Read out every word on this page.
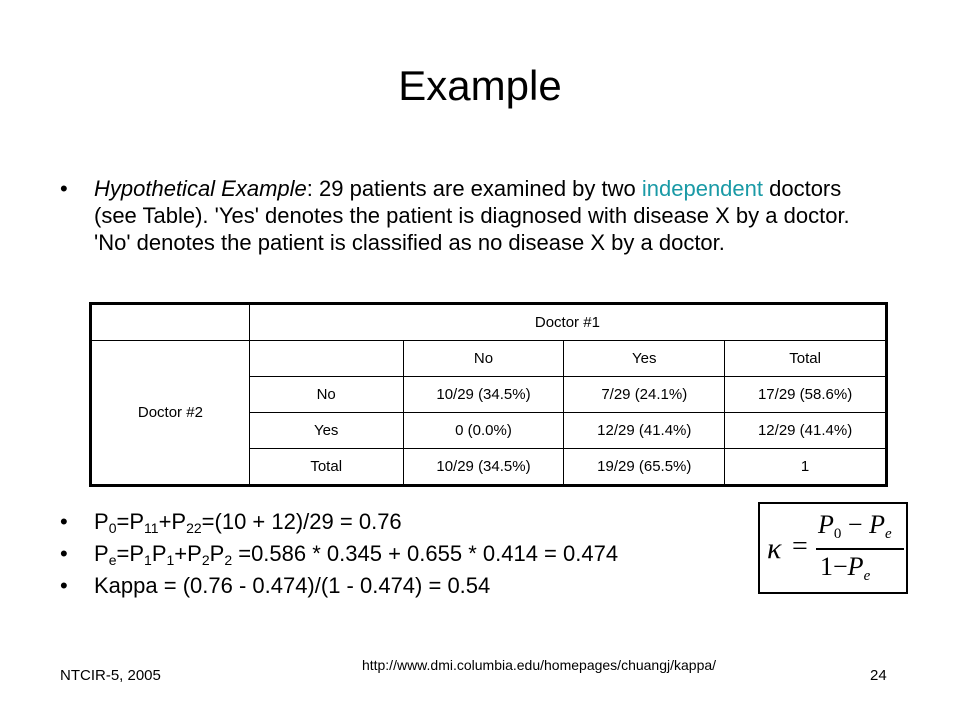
Example
• Hypothetical Example: 29 patients are examined by two independent doctors (see Table). 'Yes' denotes the patient is diagnosed with disease X by a doctor. 'No' denotes the patient is classified as no disease X by a doctor.
	Doctor #1			
Doctor #2		No	Yes	Total
	No	10/29 (34.5%)	7/29 (24.1%)	17/29 (58.6%)
	Yes	0 (0.0%)	12/29 (41.4%)	12/29 (41.4%)
	Total	10/29 (34.5%)	19/29 (65.5%)	1
• $P_0=P_{11}+P_{22}=(10 + 12)/29 = 0.76$
• $P_e=P_1P_1+P_2P_2 =0.586 * 0.345 + 0.655 * 0.414 = 0.474$
• Kappa = (0.76 - 0.474)/(1 - 0.474) = 0.54
κ =
$P_0 - P_e$
$1-P_e$
NTCIR-5, 2005
http://www.dmi.columbia.edu/homepages/chuangj/kappa/
24
